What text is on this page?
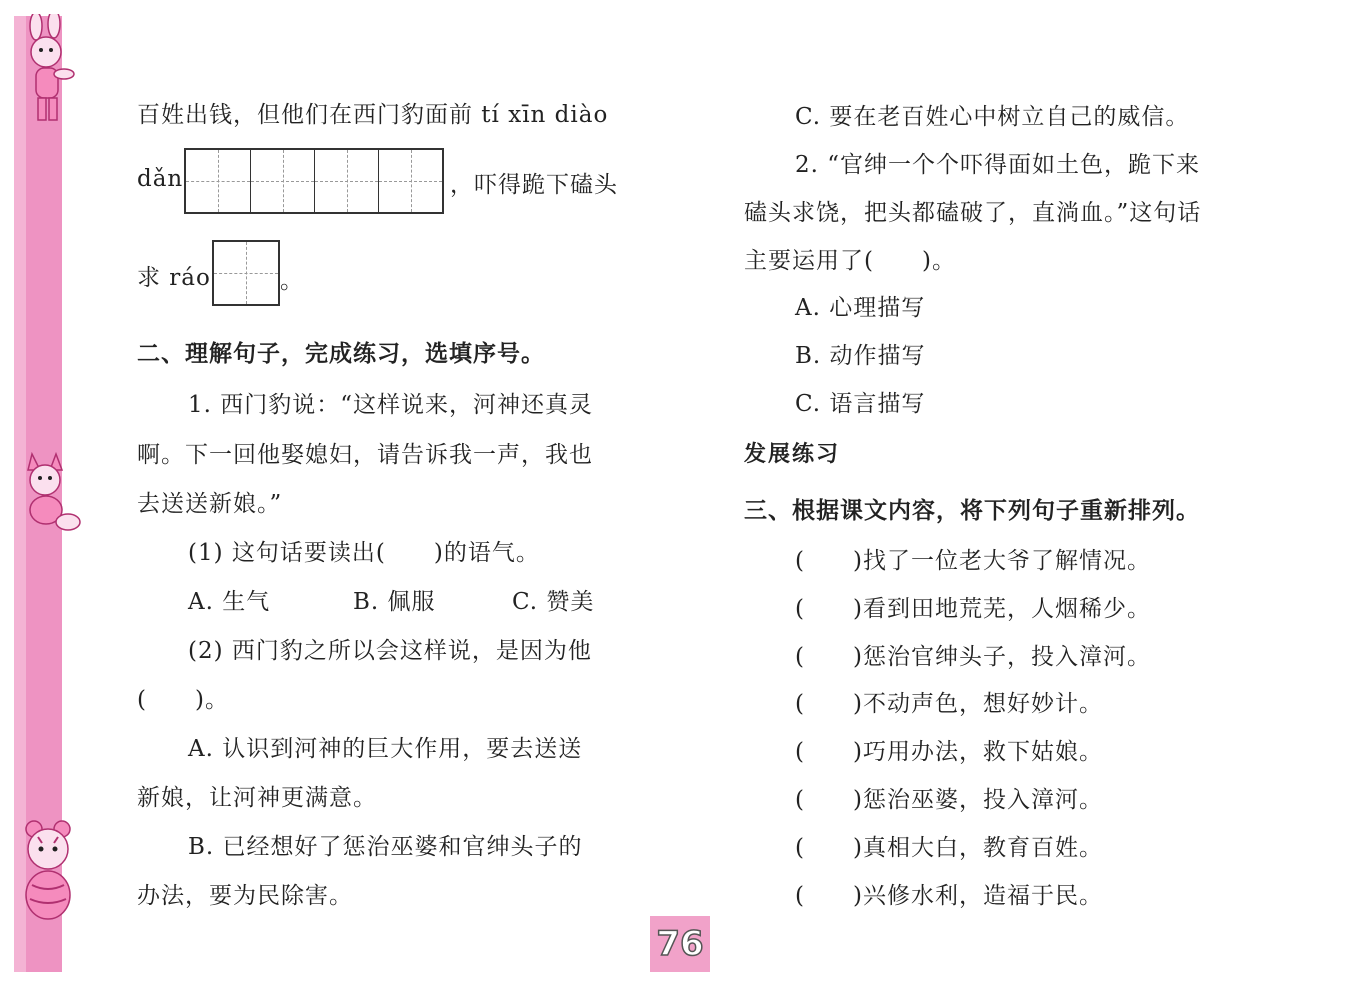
百姓出钱，但他们在西门豹面前 tí xīn diào
dǎn	，吓得跪下磕头
求 ráo	。
二、理解句子，完成练习，选填序号。
1. 西门豹说：“这样说来，河神还真灵
啊。下一回他娶媳妇，请告诉我一声，我也
去送送新娘。”
(1) 这句话要读出(　　)的语气。
A. 生气	B. 佩服	C. 赞美
(2) 西门豹之所以会这样说，是因为他
(　　)。
A. 认识到河神的巨大作用，要去送送
新娘，让河神更满意。
B. 已经想好了惩治巫婆和官绅头子的
办法，要为民除害。
C. 要在老百姓心中树立自己的威信。
2. “官绅一个个吓得面如土色，跪下来
磕头求饶，把头都磕破了，直淌血。”这句话
主要运用了(　　)。
A. 心理描写
B. 动作描写
C. 语言描写
发展练习
三、根据课文内容，将下列句子重新排列。
(　　)找了一位老大爷了解情况。
(　　)看到田地荒芜，人烟稀少。
(　　)惩治官绅头子，投入漳河。
(　　)不动声色，想好妙计。
(　　)巧用办法，救下姑娘。
(　　)惩治巫婆，投入漳河。
(　　)真相大白，教育百姓。
(　　)兴修水利，造福于民。
76
